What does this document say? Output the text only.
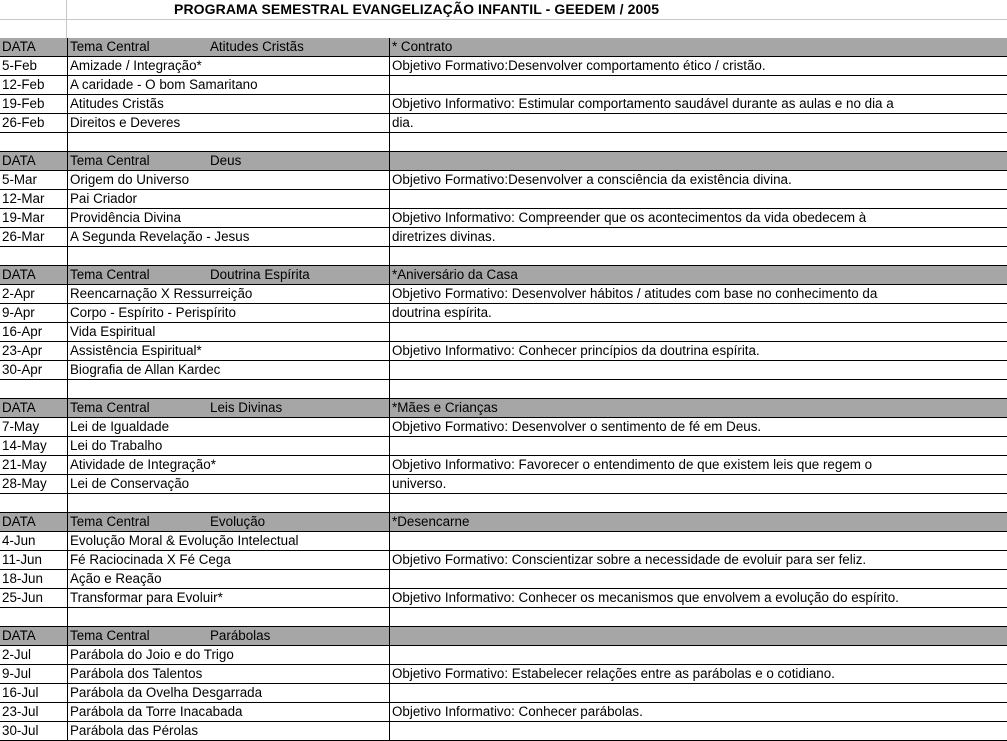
PROGRAMA SEMESTRAL EVANGELIZAÇÃO INFANTIL - GEEDEM / 2005
DATA	Tema Central	Atitudes Cristãs	* Contrato
5-Feb	Amizade / Integração*	Objetivo Formativo:Desenvolver comportamento ético / cristão.
12-Feb	A caridade - O bom Samaritano
19-Feb	Atitudes Cristãs	Objetivo Informativo: Estimular comportamento saudável durante as aulas e no dia a
26-Feb	Direitos e Deveres	dia.
DATA	Tema Central	Deus
5-Mar	Origem do Universo	Objetivo Formativo:Desenvolver a consciência da existência divina.
12-Mar	Pai Criador
19-Mar	Providência Divina	Objetivo Informativo: Compreender que os acontecimentos da vida obedecem à
26-Mar	A Segunda Revelação - Jesus	diretrizes divinas.
DATA	Tema Central	Doutrina Espírita	*Aniversário da Casa
2-Apr	Reencarnação X Ressurreição	Objetivo Formativo: Desenvolver hábitos / atitudes com base no conhecimento da
9-Apr	Corpo - Espírito - Perispírito	doutrina espírita.
16-Apr	Vida Espiritual
23-Apr	Assistência Espiritual*	Objetivo Informativo: Conhecer princípios da doutrina espírita.
30-Apr	Biografia de Allan Kardec
DATA	Tema Central	Leis Divinas	*Mães e Crianças
7-May	Lei de Igualdade	Objetivo Formativo: Desenvolver o sentimento de fé em Deus.
14-May	Lei do Trabalho
21-May	Atividade de Integração*	Objetivo Informativo: Favorecer o entendimento de que existem leis que regem o
28-May	Lei de Conservação	universo.
DATA	Tema Central	Evolução	*Desencarne
4-Jun	Evolução Moral & Evolução Intelectual
11-Jun	Fé Raciocinada X Fé Cega	Objetivo Formativo: Conscientizar sobre a necessidade de evoluir para ser feliz.
18-Jun	Ação e Reação
25-Jun	Transformar para Evoluir*	Objetivo Informativo: Conhecer os mecanismos que envolvem a evolução do espírito.
DATA	Tema Central	Parábolas
2-Jul	Parábola do Joio e do Trigo
9-Jul	Parábola dos Talentos	Objetivo Formativo: Estabelecer relações entre as parábolas e o cotidiano.
16-Jul	Parábola da Ovelha Desgarrada
23-Jul	Parábola da Torre Inacabada	Objetivo Informativo: Conhecer parábolas.
30-Jul	Parábola das Pérolas
